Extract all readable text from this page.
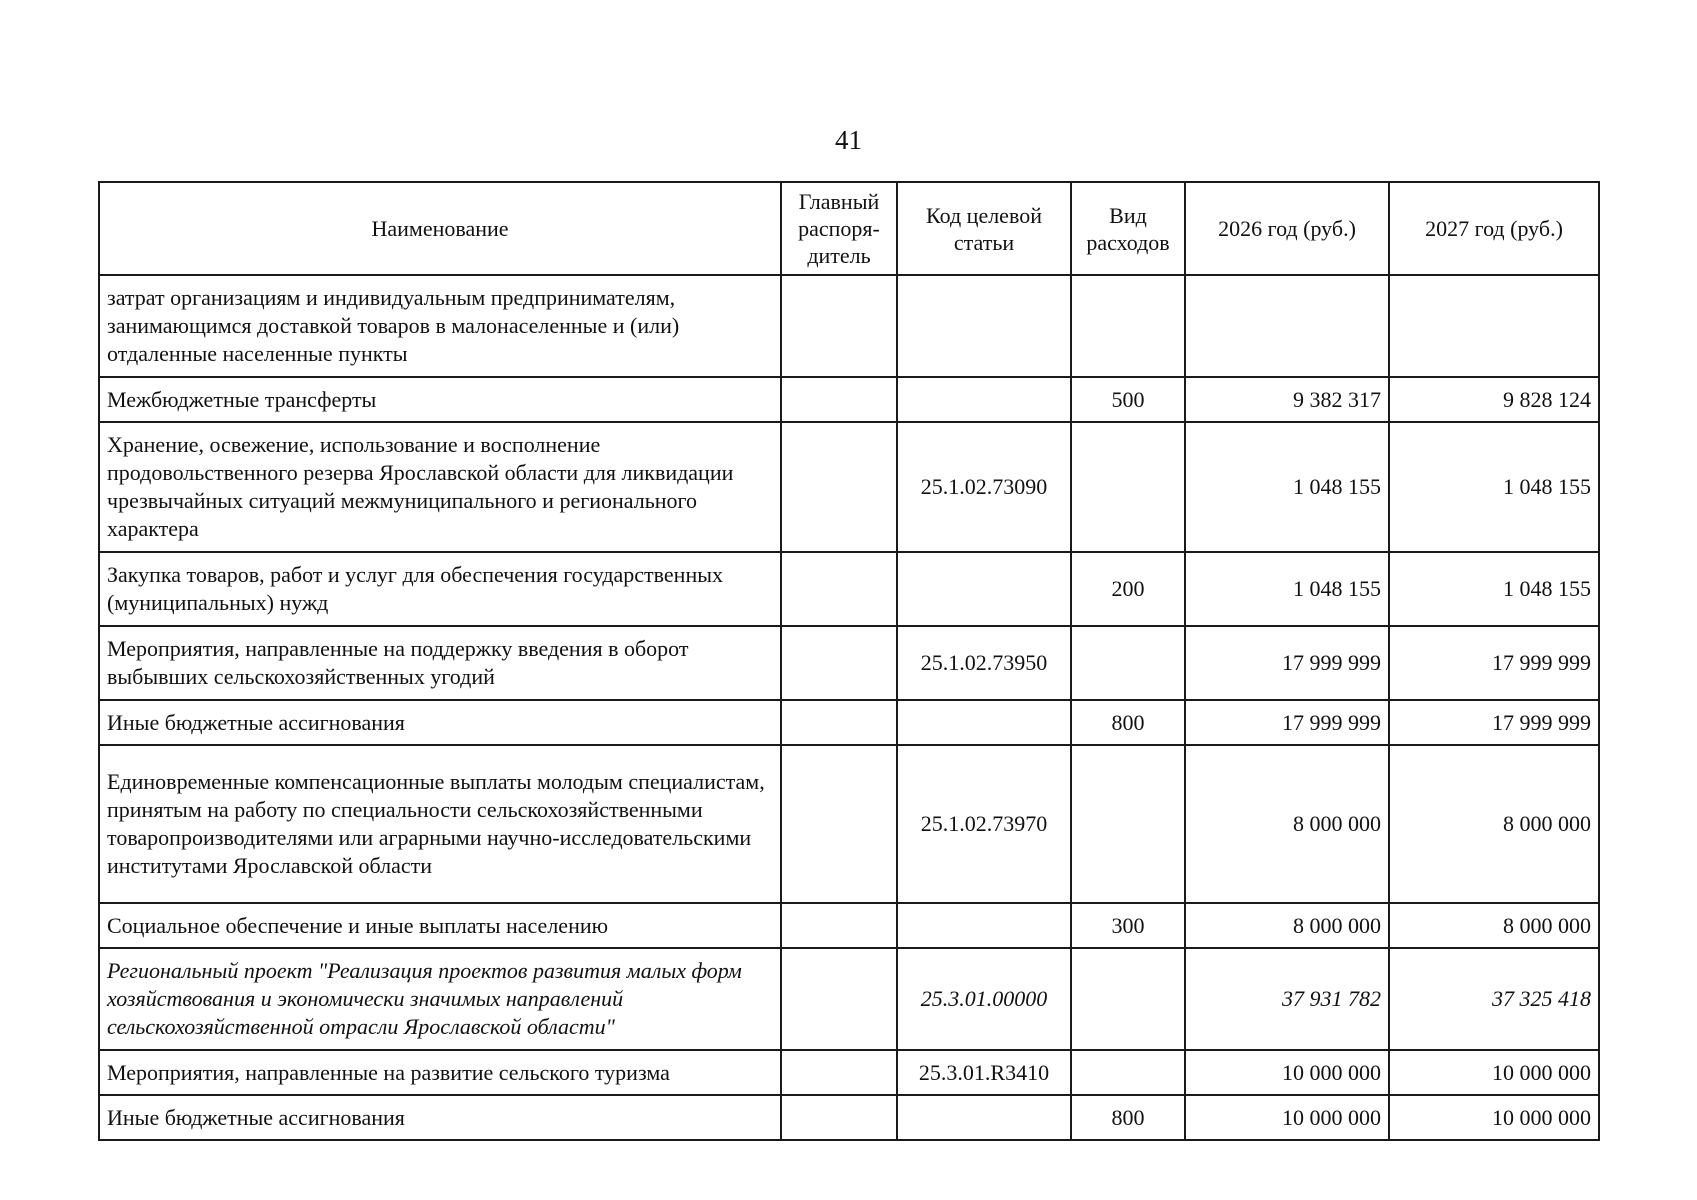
41
Наименование	Главный распоря-дитель	Код целевой статьи	Вид расходов	2026 год (руб.)	2027 год (руб.)
затрат организациям и индивидуальным предпринимателям, занимающимся доставкой товаров в малонаселенные и (или) отдаленные населенные пункты					
Межбюджетные трансферты			500	9 382 317	9 828 124
Хранение, освежение, использование и восполнение продовольственного резерва Ярославской области для ликвидации чрезвычайных ситуаций межмуниципального и регионального характера		25.1.02.73090		1 048 155	1 048 155
Закупка товаров, работ и услуг для обеспечения государственных (муниципальных) нужд			200	1 048 155	1 048 155
Мероприятия, направленные на поддержку введения в оборот выбывших сельскохозяйственных угодий		25.1.02.73950		17 999 999	17 999 999
Иные бюджетные ассигнования			800	17 999 999	17 999 999
Единовременные компенсационные выплаты молодым специалистам, принятым на работу по специальности сельскохозяйственными товаропроизводителями или аграрными научно-исследовательскими институтами Ярославской области		25.1.02.73970		8 000 000	8 000 000
Социальное обеспечение и иные выплаты населению			300	8 000 000	8 000 000
Региональный проект "Реализация проектов развития малых форм хозяйствования и экономически значимых направлений сельскохозяйственной отрасли Ярославской области"		25.3.01.00000		37 931 782	37 325 418
Мероприятия, направленные на развитие сельского туризма		25.3.01.R3410		10 000 000	10 000 000
Иные бюджетные ассигнования			800	10 000 000	10 000 000
